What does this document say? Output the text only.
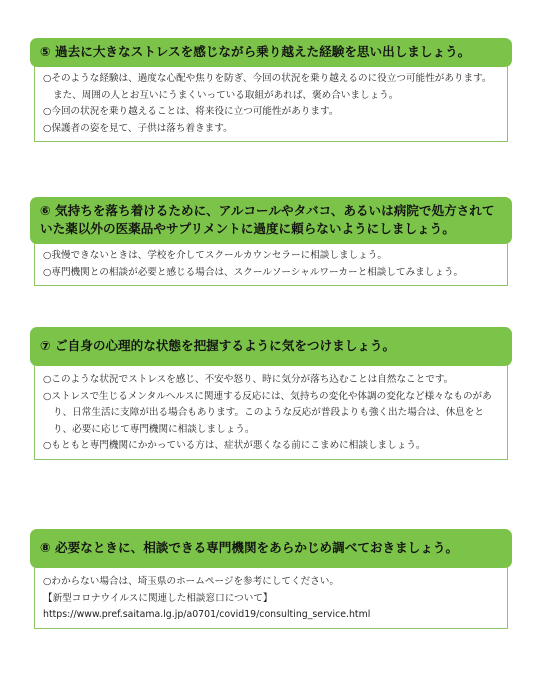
⑤ 過去に大きなストレスを感じながら乗り越えた経験を思い出しましょう。

○そのような経験は、過度な心配や焦りを防ぎ、今回の状況を乗り越えるのに役立つ可能性があります。また、周囲の人とお互いにうまくいっている取組があれば、褒め合いましょう。

○今回の状況を乗り越えることは、将来役に立つ可能性があります。

○保護者の姿を見て、子供は落ち着きます。

⑥ 気持ちを落ち着けるために、アルコールやタバコ、あるいは病院で処方されていた薬以外の医薬品やサプリメントに過度に頼らないようにしましょう。

○我慢できないときは、学校を介してスクールカウンセラーに相談しましょう。

○専門機関との相談が必要と感じる場合は、スクールソーシャルワーカーと相談してみましょう。

⑦ ご自身の心理的な状態を把握するように気をつけましょう。

○このような状況でストレスを感じ、不安や怒り、時に気分が落ち込むことは自然なことです。

○ストレスで生じるメンタルヘルスに関連する反応には、気持ちの変化や体調の変化など様々なものがあり、日常生活に支障が出る場合もあります。このような反応が普段よりも強く出た場合は、休息をとり、必要に応じて専門機関に相談しましょう。

○もともと専門機関にかかっている方は、症状が悪くなる前にこまめに相談しましょう。

⑧ 必要なときに、相談できる専門機関をあらかじめ調べておきましょう。

○わからない場合は、埼玉県のホームページを参考にしてください。

【新型コロナウイルスに関連した相談窓口について】

https://www.pref.saitama.lg.jp/a0701/covid19/consulting_service.html
